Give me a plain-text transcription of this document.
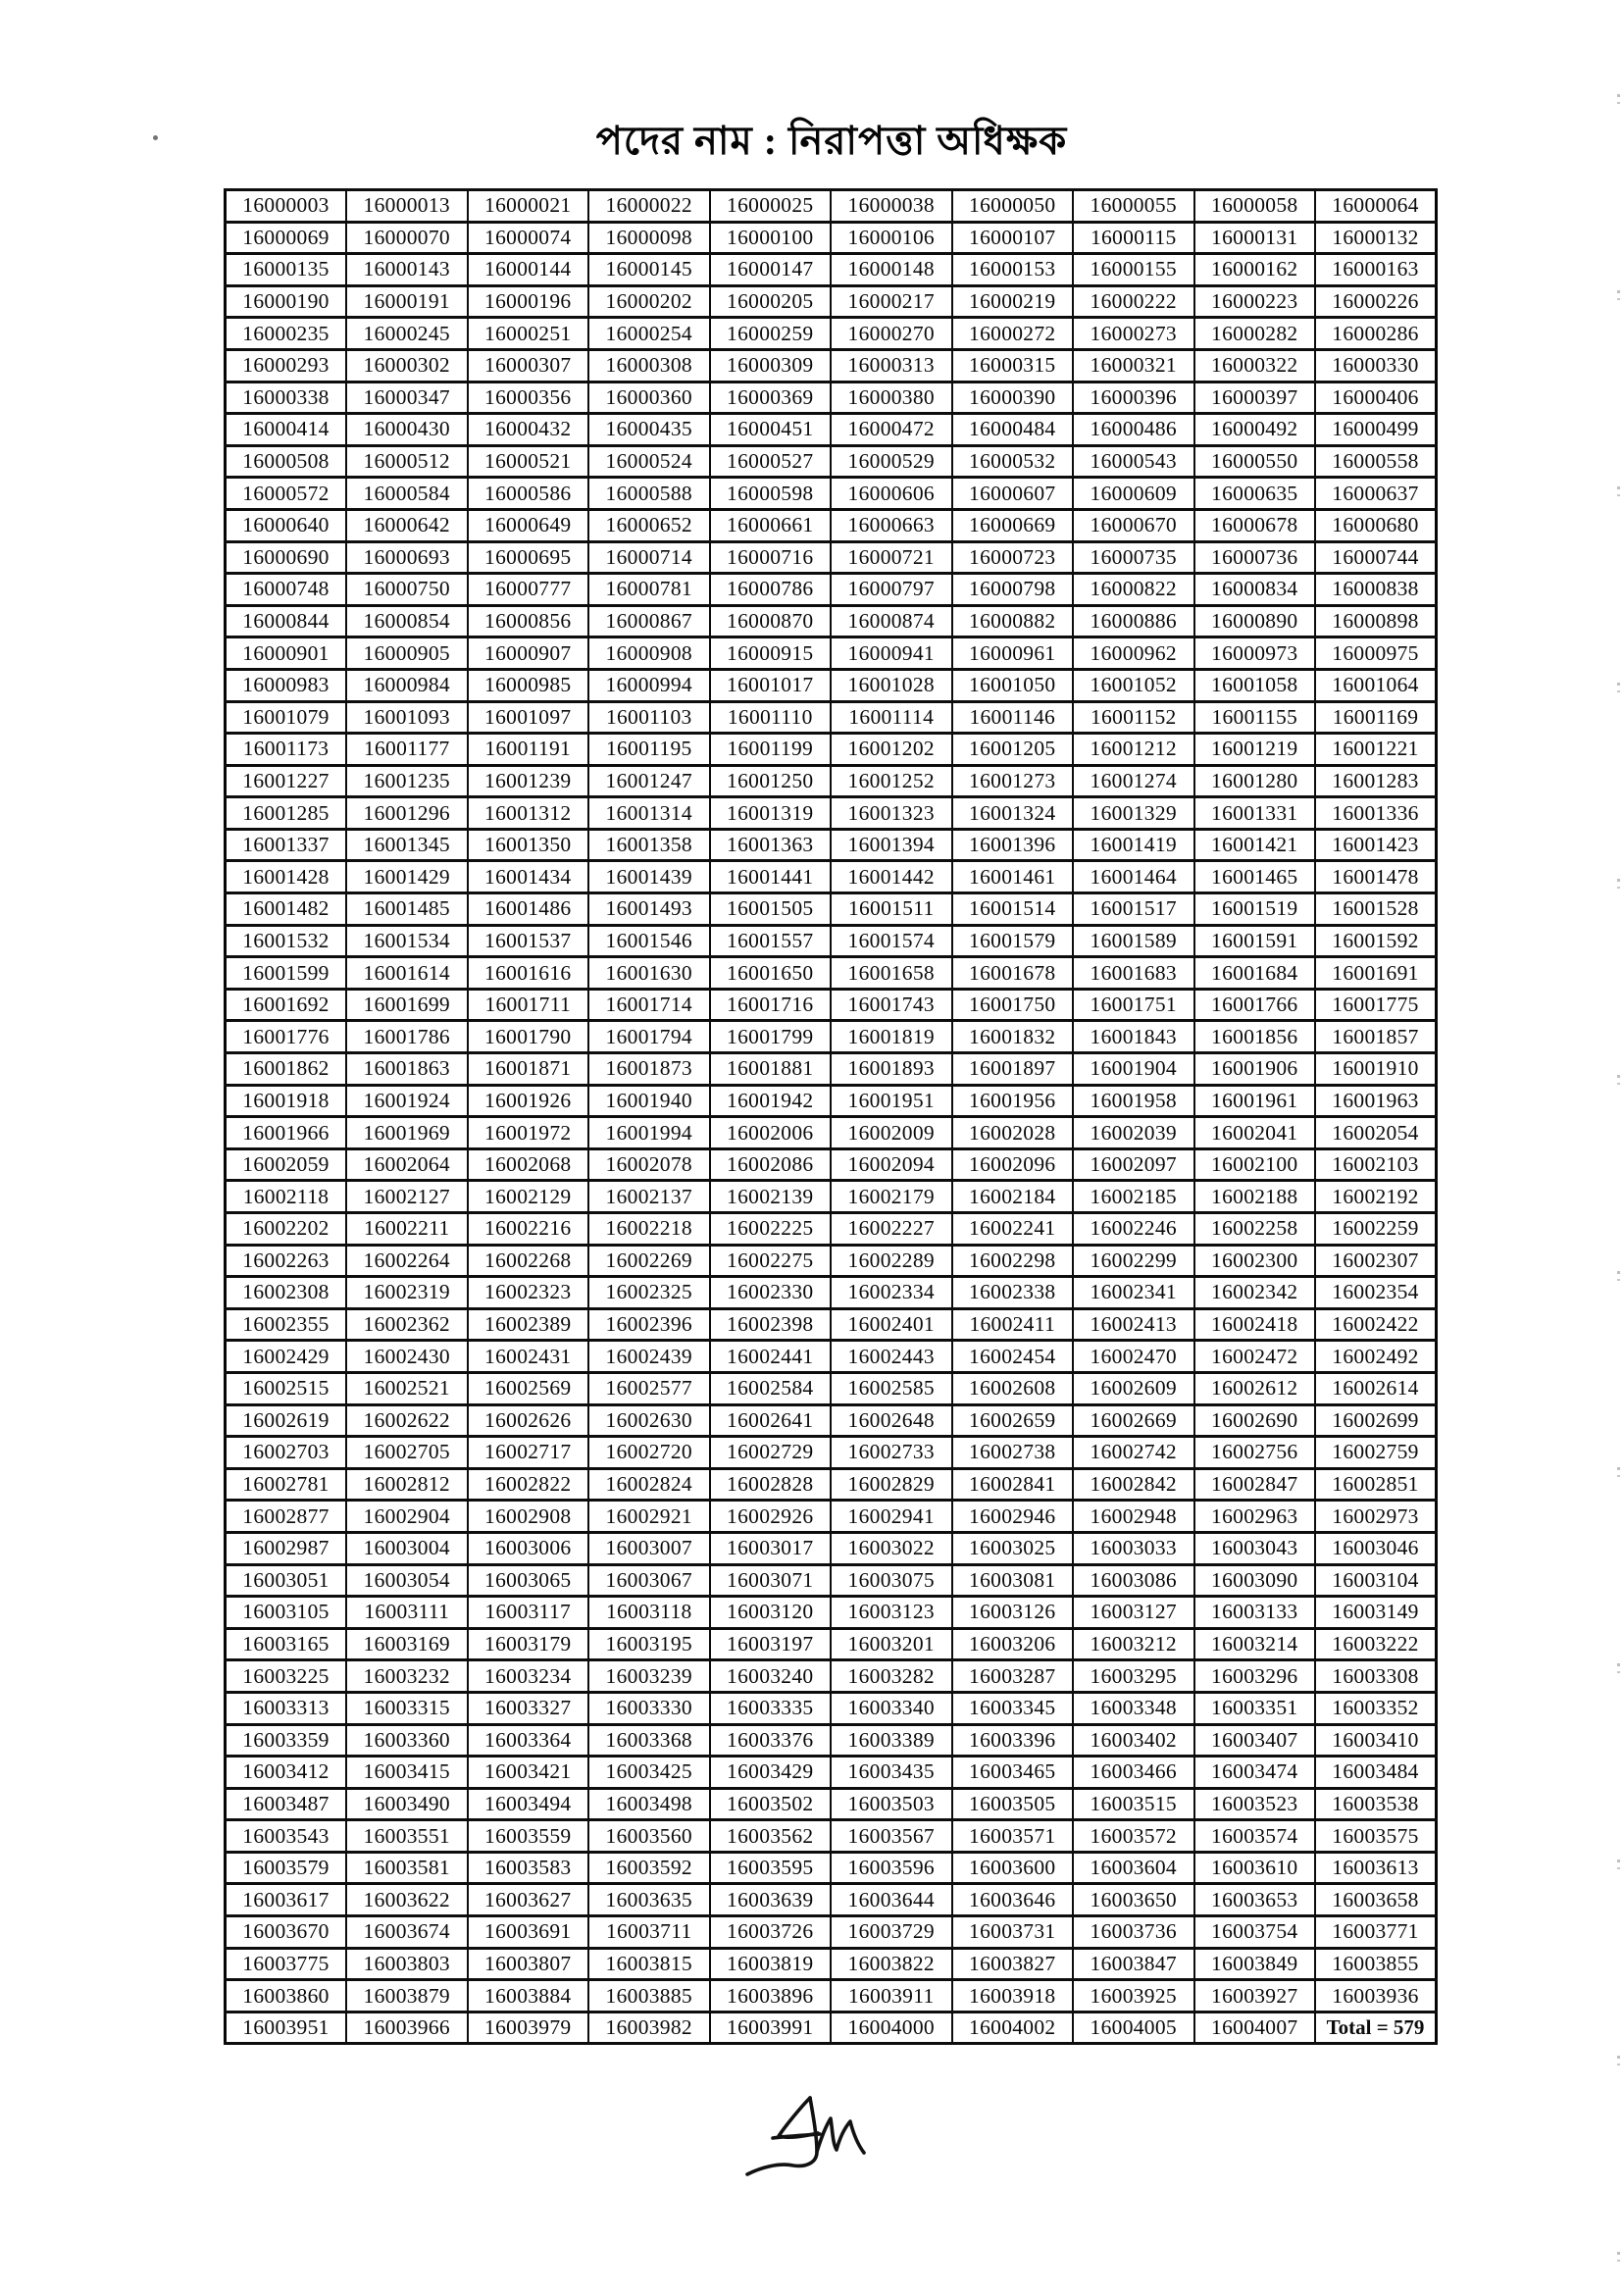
পদের নাম : নিরাপত্তা অধিক্ষক
16000003	16000013	16000021	16000022	16000025	16000038	16000050	16000055	16000058	16000064
16000069	16000070	16000074	16000098	16000100	16000106	16000107	16000115	16000131	16000132
16000135	16000143	16000144	16000145	16000147	16000148	16000153	16000155	16000162	16000163
16000190	16000191	16000196	16000202	16000205	16000217	16000219	16000222	16000223	16000226
16000235	16000245	16000251	16000254	16000259	16000270	16000272	16000273	16000282	16000286
16000293	16000302	16000307	16000308	16000309	16000313	16000315	16000321	16000322	16000330
16000338	16000347	16000356	16000360	16000369	16000380	16000390	16000396	16000397	16000406
16000414	16000430	16000432	16000435	16000451	16000472	16000484	16000486	16000492	16000499
16000508	16000512	16000521	16000524	16000527	16000529	16000532	16000543	16000550	16000558
16000572	16000584	16000586	16000588	16000598	16000606	16000607	16000609	16000635	16000637
16000640	16000642	16000649	16000652	16000661	16000663	16000669	16000670	16000678	16000680
16000690	16000693	16000695	16000714	16000716	16000721	16000723	16000735	16000736	16000744
16000748	16000750	16000777	16000781	16000786	16000797	16000798	16000822	16000834	16000838
16000844	16000854	16000856	16000867	16000870	16000874	16000882	16000886	16000890	16000898
16000901	16000905	16000907	16000908	16000915	16000941	16000961	16000962	16000973	16000975
16000983	16000984	16000985	16000994	16001017	16001028	16001050	16001052	16001058	16001064
16001079	16001093	16001097	16001103	16001110	16001114	16001146	16001152	16001155	16001169
16001173	16001177	16001191	16001195	16001199	16001202	16001205	16001212	16001219	16001221
16001227	16001235	16001239	16001247	16001250	16001252	16001273	16001274	16001280	16001283
16001285	16001296	16001312	16001314	16001319	16001323	16001324	16001329	16001331	16001336
16001337	16001345	16001350	16001358	16001363	16001394	16001396	16001419	16001421	16001423
16001428	16001429	16001434	16001439	16001441	16001442	16001461	16001464	16001465	16001478
16001482	16001485	16001486	16001493	16001505	16001511	16001514	16001517	16001519	16001528
16001532	16001534	16001537	16001546	16001557	16001574	16001579	16001589	16001591	16001592
16001599	16001614	16001616	16001630	16001650	16001658	16001678	16001683	16001684	16001691
16001692	16001699	16001711	16001714	16001716	16001743	16001750	16001751	16001766	16001775
16001776	16001786	16001790	16001794	16001799	16001819	16001832	16001843	16001856	16001857
16001862	16001863	16001871	16001873	16001881	16001893	16001897	16001904	16001906	16001910
16001918	16001924	16001926	16001940	16001942	16001951	16001956	16001958	16001961	16001963
16001966	16001969	16001972	16001994	16002006	16002009	16002028	16002039	16002041	16002054
16002059	16002064	16002068	16002078	16002086	16002094	16002096	16002097	16002100	16002103
16002118	16002127	16002129	16002137	16002139	16002179	16002184	16002185	16002188	16002192
16002202	16002211	16002216	16002218	16002225	16002227	16002241	16002246	16002258	16002259
16002263	16002264	16002268	16002269	16002275	16002289	16002298	16002299	16002300	16002307
16002308	16002319	16002323	16002325	16002330	16002334	16002338	16002341	16002342	16002354
16002355	16002362	16002389	16002396	16002398	16002401	16002411	16002413	16002418	16002422
16002429	16002430	16002431	16002439	16002441	16002443	16002454	16002470	16002472	16002492
16002515	16002521	16002569	16002577	16002584	16002585	16002608	16002609	16002612	16002614
16002619	16002622	16002626	16002630	16002641	16002648	16002659	16002669	16002690	16002699
16002703	16002705	16002717	16002720	16002729	16002733	16002738	16002742	16002756	16002759
16002781	16002812	16002822	16002824	16002828	16002829	16002841	16002842	16002847	16002851
16002877	16002904	16002908	16002921	16002926	16002941	16002946	16002948	16002963	16002973
16002987	16003004	16003006	16003007	16003017	16003022	16003025	16003033	16003043	16003046
16003051	16003054	16003065	16003067	16003071	16003075	16003081	16003086	16003090	16003104
16003105	16003111	16003117	16003118	16003120	16003123	16003126	16003127	16003133	16003149
16003165	16003169	16003179	16003195	16003197	16003201	16003206	16003212	16003214	16003222
16003225	16003232	16003234	16003239	16003240	16003282	16003287	16003295	16003296	16003308
16003313	16003315	16003327	16003330	16003335	16003340	16003345	16003348	16003351	16003352
16003359	16003360	16003364	16003368	16003376	16003389	16003396	16003402	16003407	16003410
16003412	16003415	16003421	16003425	16003429	16003435	16003465	16003466	16003474	16003484
16003487	16003490	16003494	16003498	16003502	16003503	16003505	16003515	16003523	16003538
16003543	16003551	16003559	16003560	16003562	16003567	16003571	16003572	16003574	16003575
16003579	16003581	16003583	16003592	16003595	16003596	16003600	16003604	16003610	16003613
16003617	16003622	16003627	16003635	16003639	16003644	16003646	16003650	16003653	16003658
16003670	16003674	16003691	16003711	16003726	16003729	16003731	16003736	16003754	16003771
16003775	16003803	16003807	16003815	16003819	16003822	16003827	16003847	16003849	16003855
16003860	16003879	16003884	16003885	16003896	16003911	16003918	16003925	16003927	16003936
16003951	16003966	16003979	16003982	16003991	16004000	16004002	16004005	16004007	Total = 579
